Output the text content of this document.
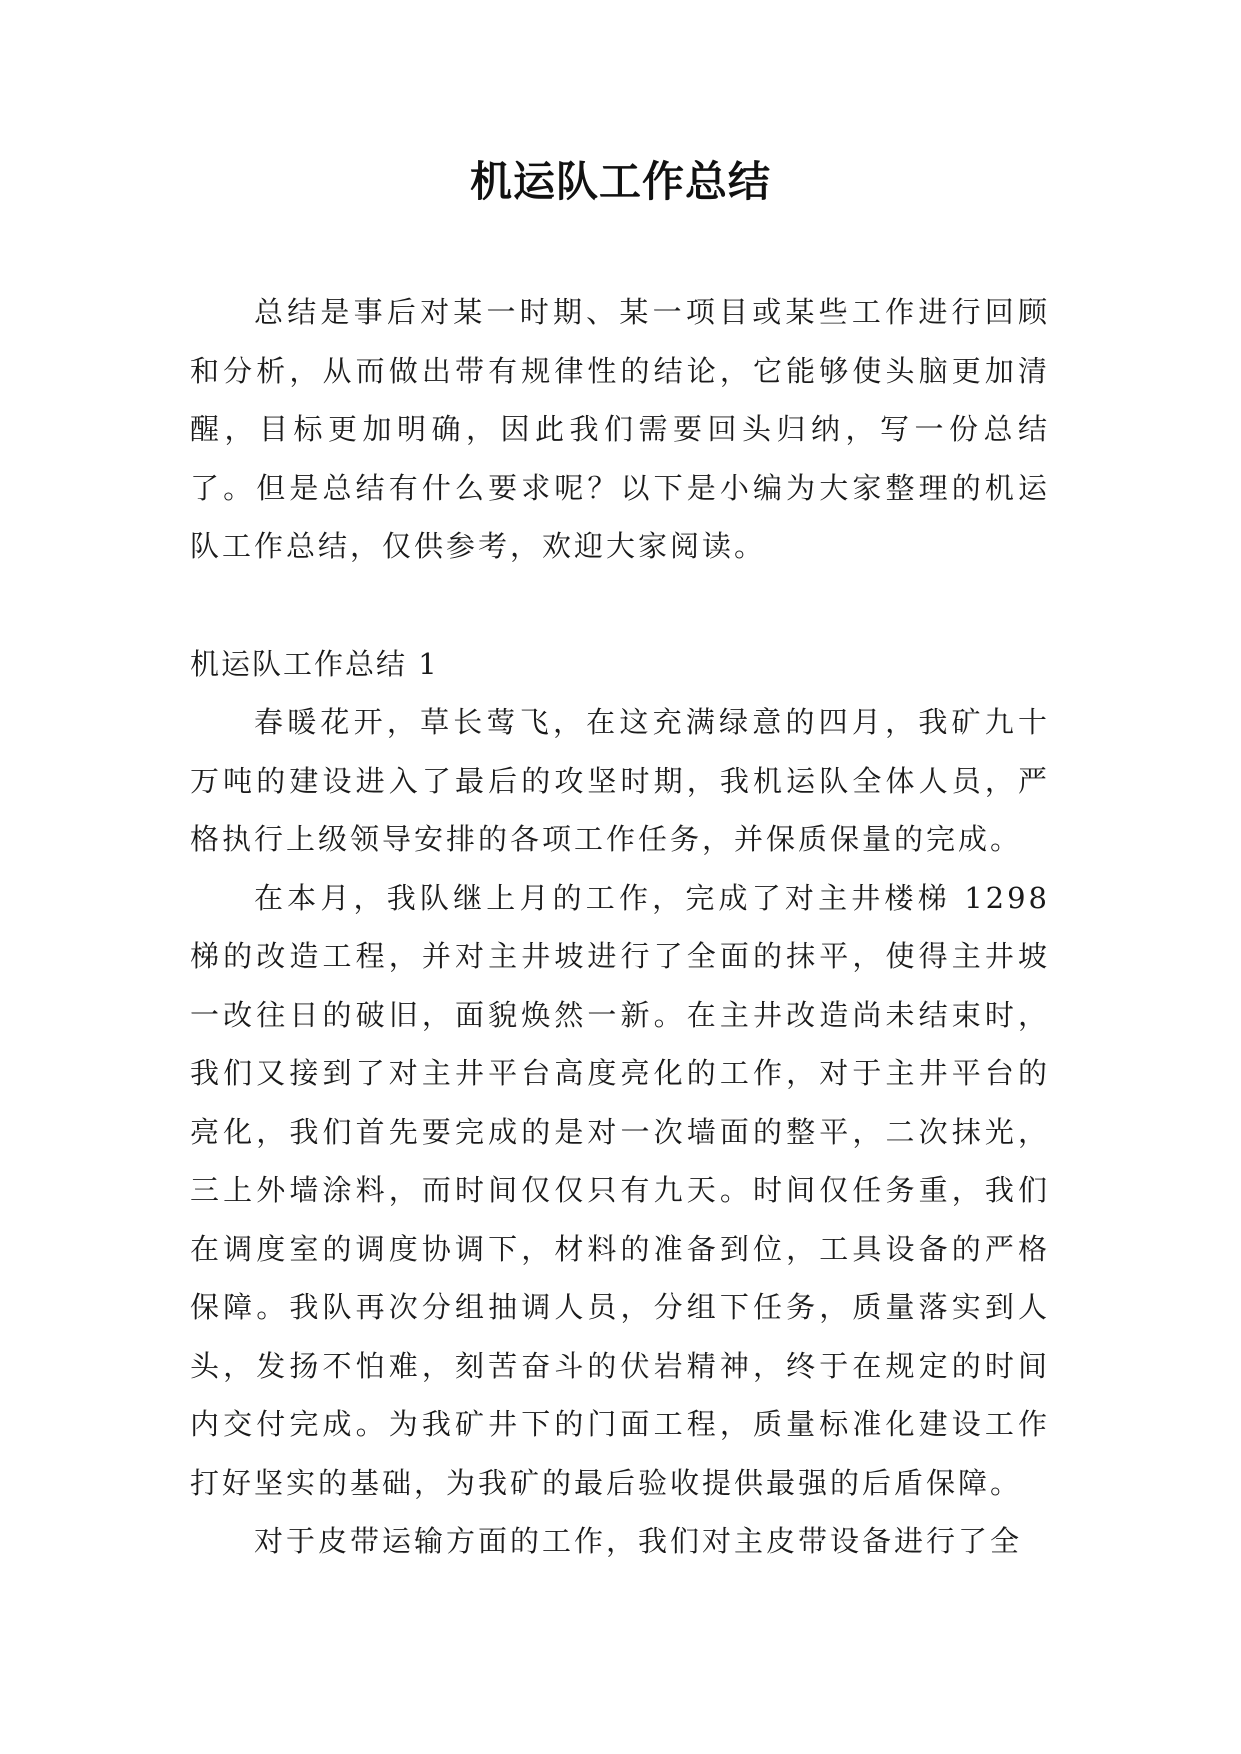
机运队工作总结

总结是事后对某一时期、某一项目或某些工作进行回顾和分析，从而做出带有规律性的结论，它能够使头脑更加清醒，目标更加明确，因此我们需要回头归纳，写一份总结了。但是总结有什么要求呢？以下是小编为大家整理的机运队工作总结，仅供参考，欢迎大家阅读。

机运队工作总结 1

春暖花开，草长莺飞，在这充满绿意的四月，我矿九十万吨的建设进入了最后的攻坚时期，我机运队全体人员，严格执行上级领导安排的各项工作任务，并保质保量的完成。

在本月，我队继上月的工作，完成了对主井楼梯 1298 梯的改造工程，并对主井坡进行了全面的抹平，使得主井坡一改往日的破旧，面貌焕然一新。在主井改造尚未结束时，我们又接到了对主井平台高度亮化的工作，对于主井平台的亮化，我们首先要完成的是对一次墙面的整平，二次抹光，三上外墙涂料，而时间仅仅只有九天。时间仅任务重，我们在调度室的调度协调下，材料的准备到位，工具设备的严格保障。我队再次分组抽调人员，分组下任务，质量落实到人头，发扬不怕难，刻苦奋斗的伏岩精神，终于在规定的时间内交付完成。为我矿井下的门面工程，质量标准化建设工作打好坚实的基础，为我矿的最后验收提供最强的后盾保障。

对于皮带运输方面的工作，我们对主皮带设备进行了全
